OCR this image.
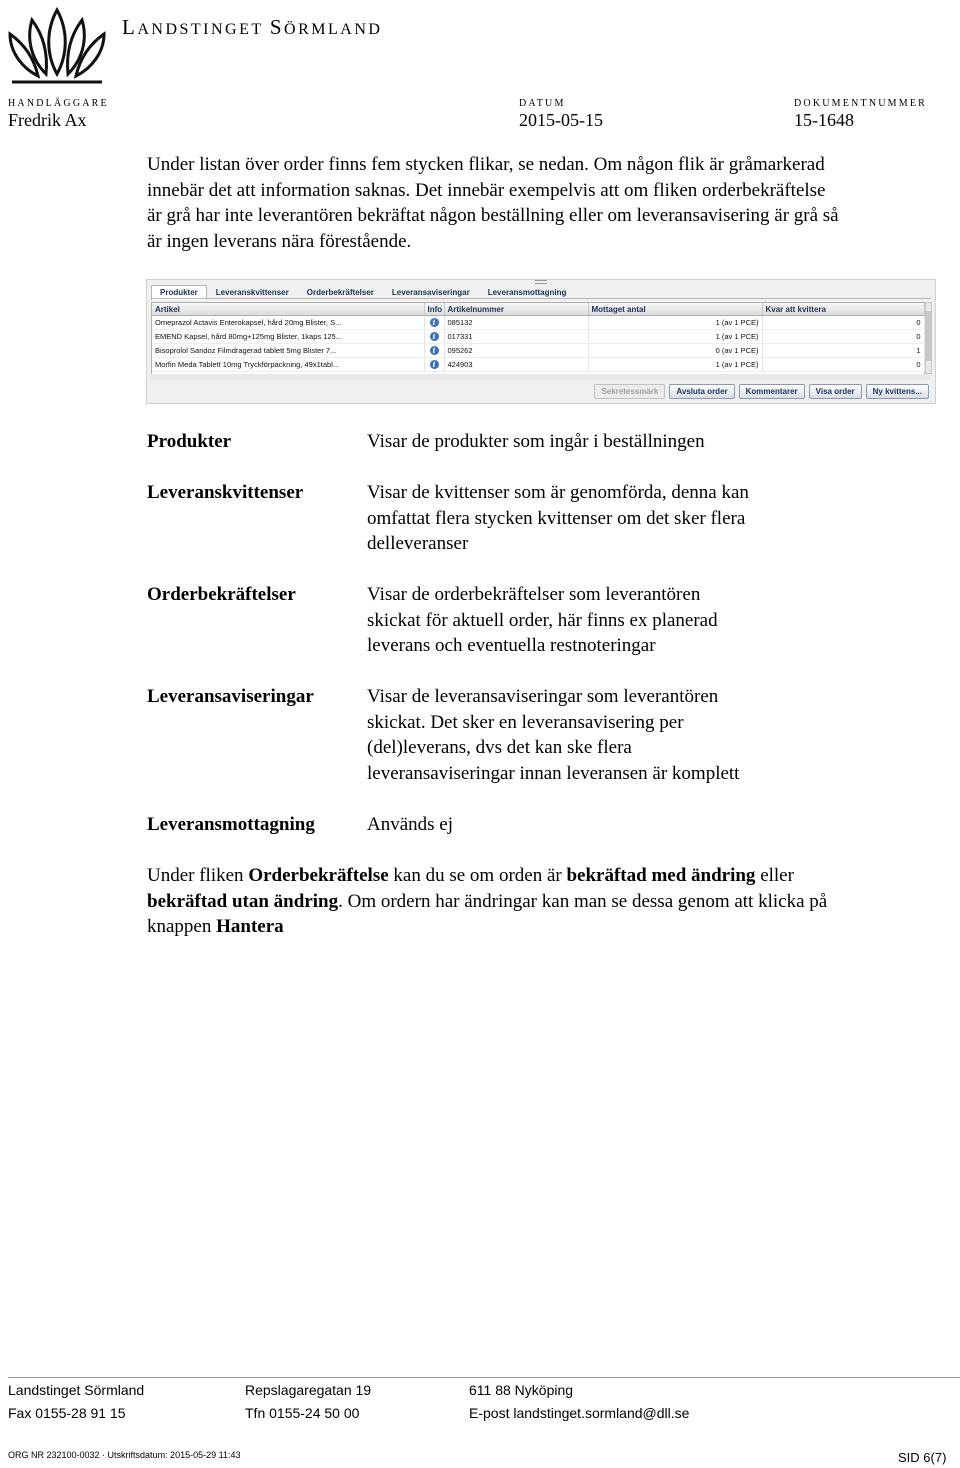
LANDSTINGET SÖRMLAND
HANDLÄGGARE
Fredrik Ax
DATUM
2015-05-15
DOKUMENTNUMMER
15-1648
Under listan över order finns fem stycken flikar, se nedan. Om någon flik är gråmarkerad
innebär det att information saknas. Det innebär exempelvis att om fliken orderbekräftelse
är grå har inte leverantören bekräftat någon beställning eller om leveransavisering är grå så
är ingen leverans nära förestående.
Produkter	Leveranskvittenser	Orderbekräftelser	Leveransaviseringar	Leveransmottagning
Artikel	Info	Artikelnummer	Mottaget antal	Kvar att kvittera
Omeprazol Actavis Enterokapsel, hård 20mg Blister, S...	i	085132	1 (av 1 PCE)	0
EMEND Kapsel, hård 80mg+125mg Blister, 1kaps 125...	i	017331	1 (av 1 PCE)	0
Bisoprolol Sandoz Filmdragerad tablett 5mg Blister 7...	i	095262	0 (av 1 PCE)	1
Morfin Meda Tablett 10mg Tryckförpackning, 49x1tabl...	i	424903	1 (av 1 PCE)	0
Sekretessmärk	Avsluta order	Kommentarer	Visa order	Ny kvittens...
Produkter	Visar de produkter som ingår i beställningen
Leveranskvittenser	Visar de kvittenser som är genomförda, denna kan
omfattat flera stycken kvittenser om det sker flera
delleveranser
Orderbekräftelser	Visar de orderbekräftelser som leverantören
skickat för aktuell order, här finns ex planerad
leverans och eventuella restnoteringar
Leveransaviseringar	Visar de leveransaviseringar som leverantören
skickat. Det sker en leveransavisering per
(del)leverans, dvs det kan ske flera
leveransaviseringar innan leveransen är komplett
Leveransmottagning	Används ej
Under fliken Orderbekräftelse kan du se om orden är bekräftad med ändring eller
bekräftad utan ändring. Om ordern har ändringar kan man se dessa genom att klicka på
knappen Hantera
Landstinget Sörmland
Fax 0155-28 91 15
Repslagaregatan 19
Tfn 0155-24 50 00
611 88 Nyköping
E-post landstinget.sormland@dll.se
ORG NR 232100-0032 · Utskriftsdatum: 2015-05-29 11:43	SID 6(7)
